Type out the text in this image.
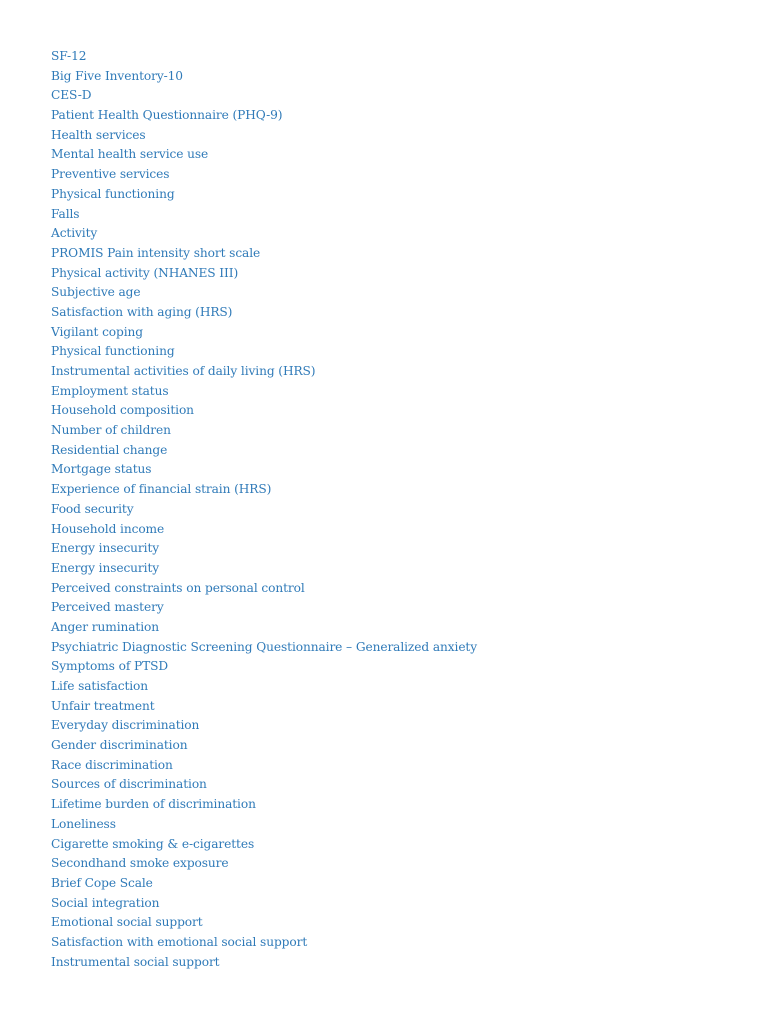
SF-12
Big Five Inventory-10
CES-D
Patient Health Questionnaire (PHQ-9)
Health services
Mental health service use
Preventive services
Physical functioning
Falls
Activity
PROMIS Pain intensity short scale
Physical activity (NHANES III)
Subjective age
Satisfaction with aging (HRS)
Vigilant coping
Physical functioning
Instrumental activities of daily living (HRS)
Employment status
Household composition
Number of children
Residential change
Mortgage status
Experience of financial strain (HRS)
Food security
Household income
Energy insecurity
Energy insecurity
Perceived constraints on personal control
Perceived mastery
Anger rumination
Psychiatric Diagnostic Screening Questionnaire – Generalized anxiety
Symptoms of PTSD
Life satisfaction
Unfair treatment
Everyday discrimination
Gender discrimination
Race discrimination
Sources of discrimination
Lifetime burden of discrimination
Loneliness
Cigarette smoking & e-cigarettes
Secondhand smoke exposure
Brief Cope Scale
Social integration
Emotional social support
Satisfaction with emotional social support
Instrumental social support
